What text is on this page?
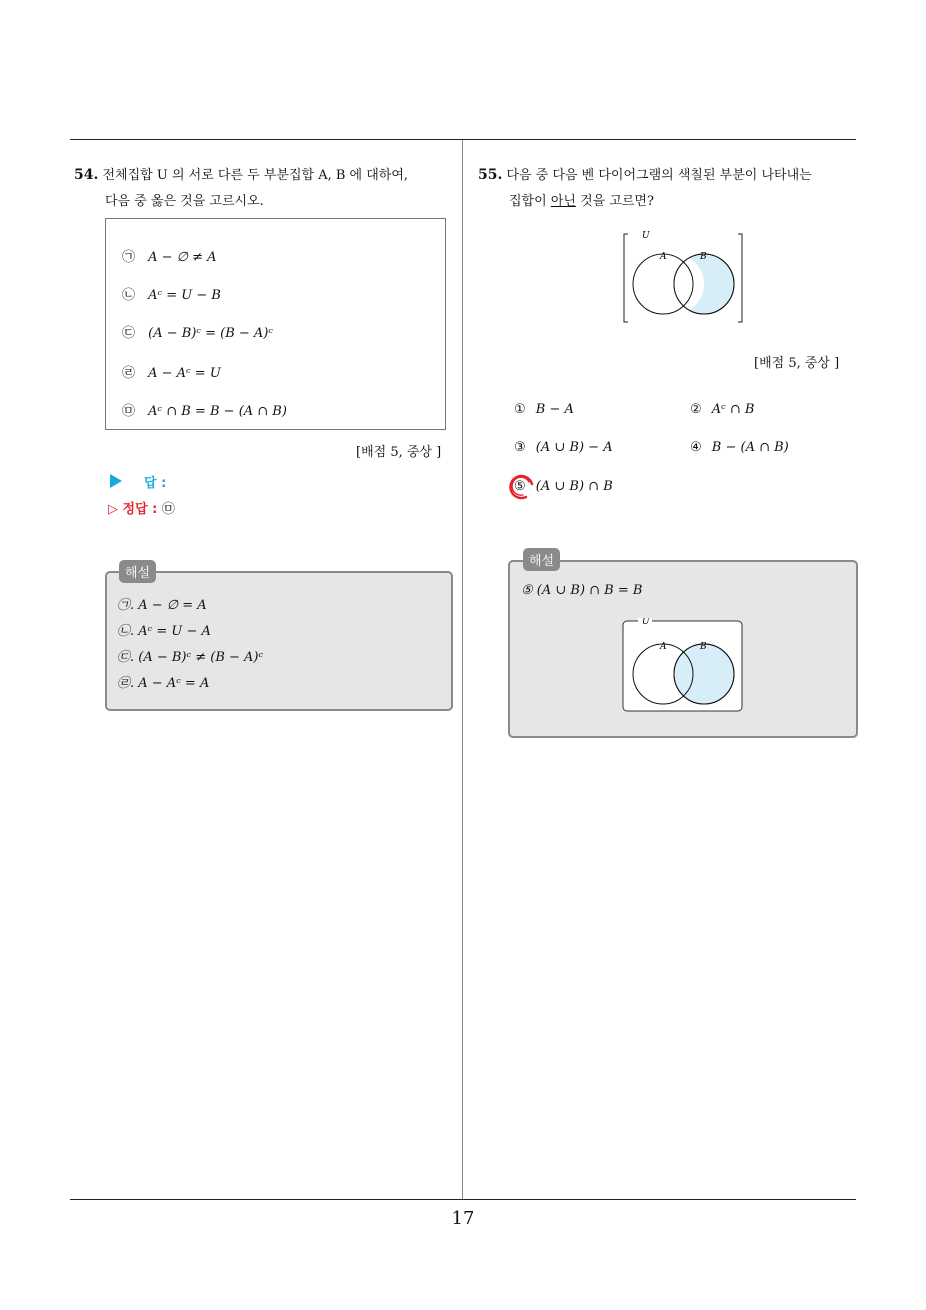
54. 전체집합 U 의 서로 다른 두 부분집합 A, B 에 대하여,
다음 중 옳은 것을 고르시오.
㉠ A − ∅ ≠ A
㉡ Aᶜ = U − B
㉢ (A − B)ᶜ = (B − A)ᶜ
㉣ A − Aᶜ = U
㉤ Aᶜ ∩ B = B − (A ∩ B)
[배점 5, 중상 ]
답 :
▷ 정답 : ㉤
해설
㉠. A − ∅ = A
㉡. Aᶜ = U − A
㉢. (A − B)ᶜ ≠ (B − A)ᶜ
㉣. A − Aᶜ = A
55. 다음 중 다음 벤 다이어그램의 색칠된 부분이 나타내는
집합이 아닌 것을 고르면?
U
A	B
[배점 5, 중상 ]
① B − A	② Aᶜ ∩ B
③ (A ∪ B) − A	④ B − (A ∩ B)
⑤ (A ∪ B) ∩ B
해설
⑤ (A ∪ B) ∩ B = B
U
A	B
17
